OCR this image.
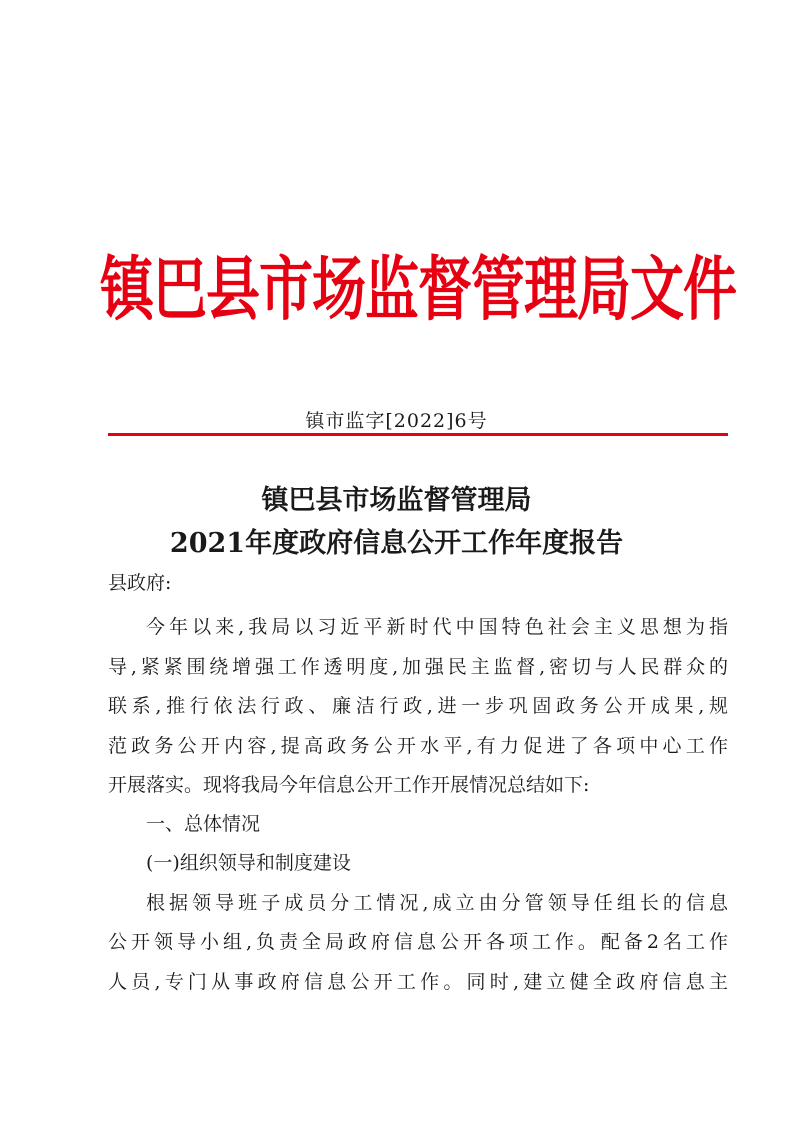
镇巴县市场监督管理局文件
镇市监字[2022]6号
镇巴县市场监督管理局
2021年度政府信息公开工作年度报告
县政府:
今年以来,我局以习近平新时代中国特色社会主义思想为指
导,紧紧围绕增强工作透明度,加强民主监督,密切与人民群众的
联系,推行依法行政、廉洁行政,进一步巩固政务公开成果,规
范政务公开内容,提高政务公开水平,有力促进了各项中心工作
开展落实。现将我局今年信息公开工作开展情况总结如下:
一、总体情况
(一)组织领导和制度建设
根据领导班子成员分工情况,成立由分管领导任组长的信息
公开领导小组,负责全局政府信息公开各项工作。配备2名工作
人员,专门从事政府信息公开工作。同时,建立健全政府信息主
